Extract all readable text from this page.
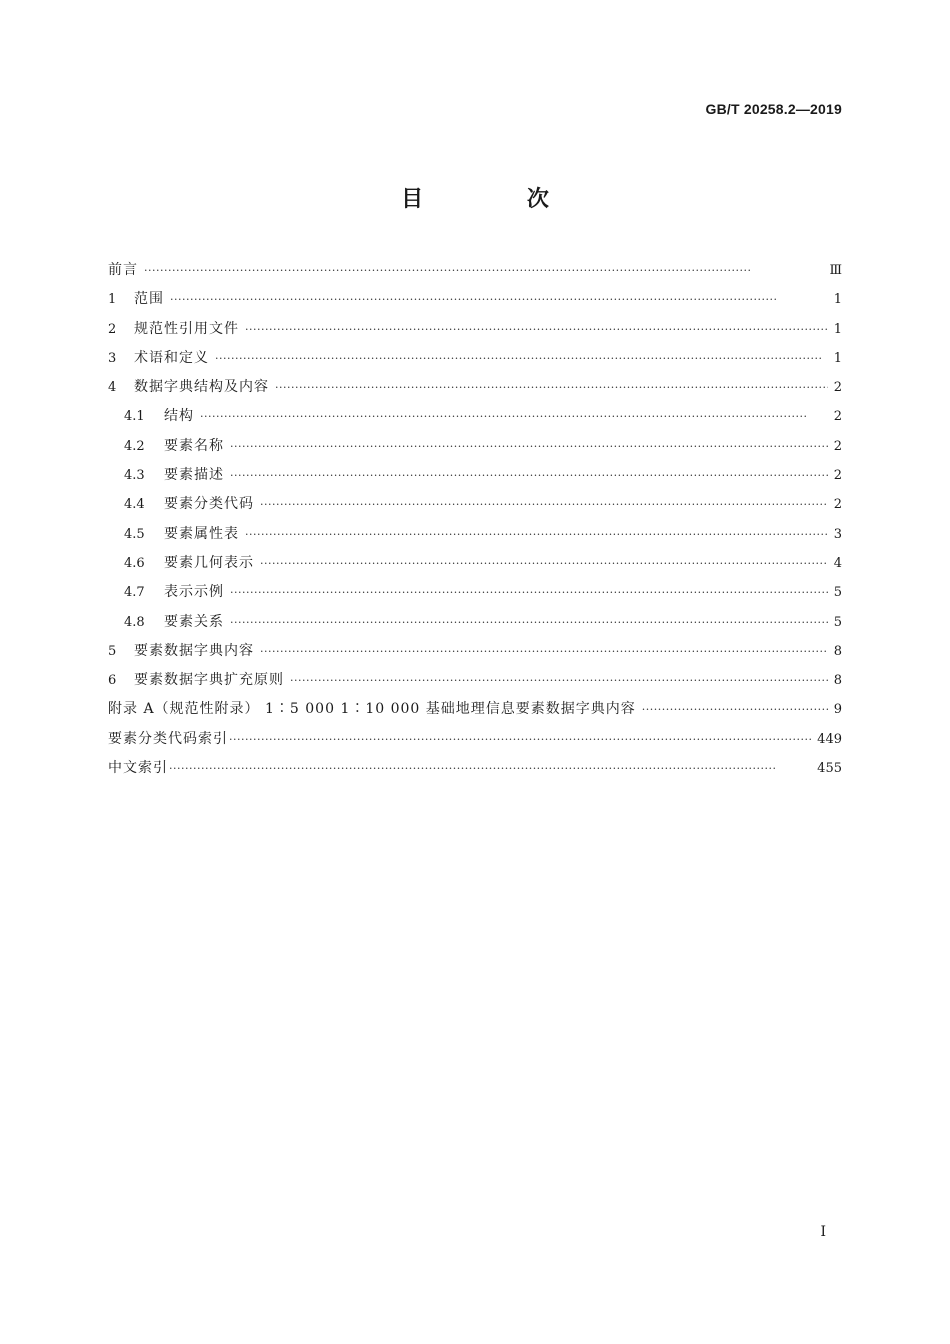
GB/T 20258.2—2019
目 次
前言 ·····	Ⅲ
1	范围 ·····	1
2	规范性引用文件 ·····	1
3	术语和定义 ·····	1
4	数据字典结构及内容 ·····	2
4.1	结构 ·····	2
4.2	要素名称 ·····	2
4.3	要素描述 ·····	2
4.4	要素分类代码 ·····	2
4.5	要素属性表 ·····	3
4.6	要素几何表示 ·····	4
4.7	表示示例 ·····	5
4.8	要素关系 ·····	5
5	要素数据字典内容 ·····	8
6	要素数据字典扩充原则 ·····	8
附录 A（规范性附录） 1∶5 000 1∶10 000 基础地理信息要素数据字典内容 ·····	9
要素分类代码索引 ·····	449
中文索引 ·····	455
Ⅰ
